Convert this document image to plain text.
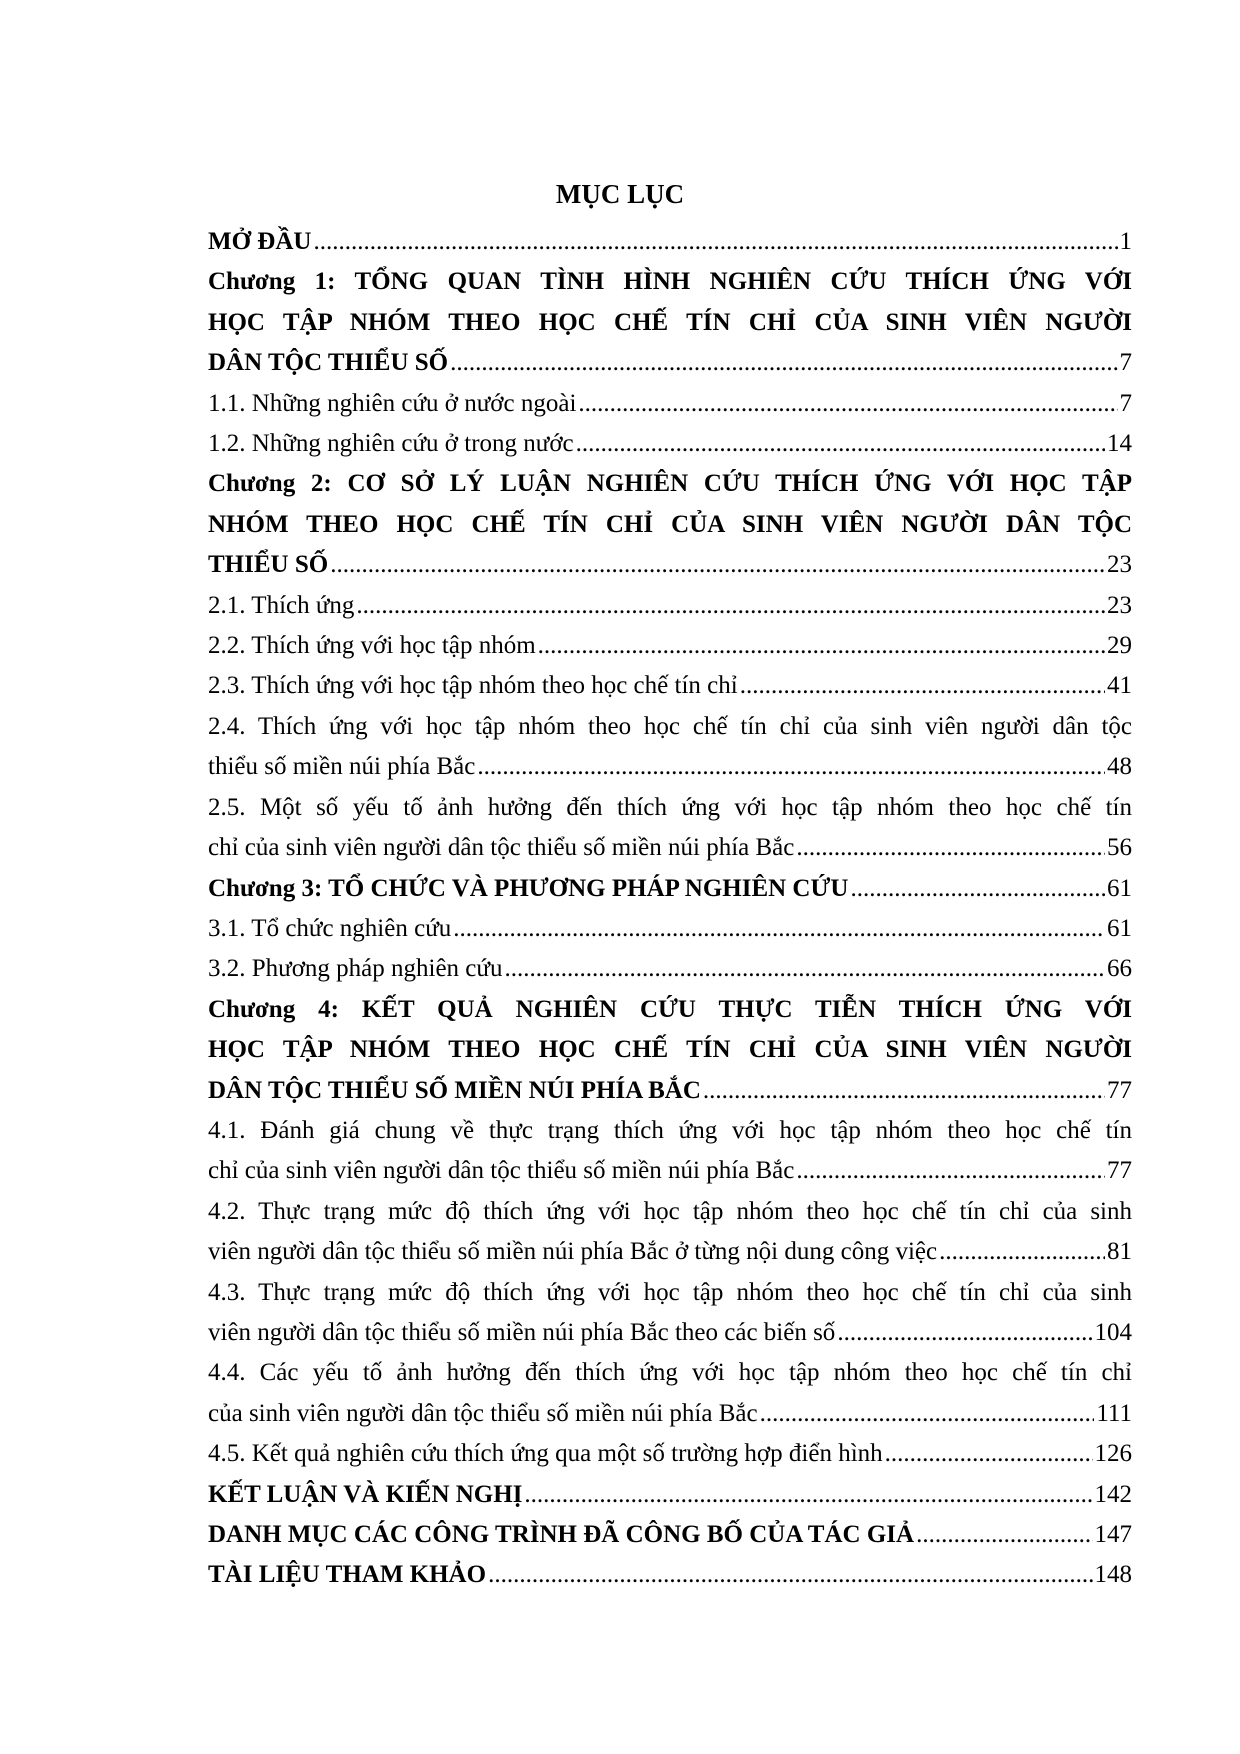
MỤC LỤC
MỞ ĐẦU .....	1
Chương 1: TỔNG QUAN TÌNH HÌNH NGHIÊN CỨU THÍCH ỨNG VỚI
HỌC TẬP NHÓM THEO HỌC CHẾ TÍN CHỈ CỦA SINH VIÊN NGƯỜI
DÂN TỘC THIỂU SỐ .....	7
1.1. Những nghiên cứu ở nước ngoài .....	7
1.2. Những nghiên cứu ở trong nước .....	14
Chương 2: CƠ SỞ LÝ LUẬN NGHIÊN CỨU THÍCH ỨNG VỚI HỌC TẬP
NHÓM THEO HỌC CHẾ TÍN CHỈ CỦA SINH VIÊN NGƯỜI DÂN TỘC
THIỂU SỐ .....	23
2.1. Thích ứng .....	23
2.2. Thích ứng với học tập nhóm .....	29
2.3. Thích ứng với học tập nhóm theo học chế tín chỉ .....	41
2.4. Thích ứng với học tập nhóm theo học chế tín chỉ của sinh viên người dân tộc
thiểu số miền núi phía Bắc .....	48
2.5. Một số yếu tố ảnh hưởng đến thích ứng với học tập nhóm theo học chế tín
chỉ của sinh viên người dân tộc thiểu số miền núi phía Bắc .....	56
Chương 3: TỔ CHỨC VÀ PHƯƠNG PHÁP NGHIÊN CỨU .....	61
3.1. Tổ chức nghiên cứu .....	61
3.2. Phương pháp nghiên cứu .....	66
Chương 4: KẾT QUẢ NGHIÊN CỨU THỰC TIỄN THÍCH ỨNG VỚI
HỌC TẬP NHÓM THEO HỌC CHẾ TÍN CHỈ CỦA SINH VIÊN NGƯỜI
DÂN TỘC THIỂU SỐ MIỀN NÚI PHÍA BẮC .....	77
4.1. Đánh giá chung về thực trạng thích ứng với học tập nhóm theo học chế tín
chỉ của sinh viên người dân tộc thiểu số miền núi phía Bắc .....	77
4.2. Thực trạng mức độ thích ứng với học tập nhóm theo học chế tín chỉ của sinh
viên người dân tộc thiểu số miền núi phía Bắc ở từng nội dung công việc .....	81
4.3. Thực trạng mức độ thích ứng với học tập nhóm theo học chế tín chỉ của sinh
viên người dân tộc thiểu số miền núi phía Bắc theo các biến số .....	104
4.4. Các yếu tố ảnh hưởng đến thích ứng với học tập nhóm theo học chế tín chỉ
của sinh viên người dân tộc thiểu số miền núi phía Bắc .....	111
4.5. Kết quả nghiên cứu thích ứng qua một số trường hợp điển hình .....	126
KẾT LUẬN VÀ KIẾN NGHỊ .....	142
DANH MỤC CÁC CÔNG TRÌNH ĐÃ CÔNG BỐ CỦA TÁC GIẢ .....	147
TÀI LIỆU THAM KHẢO .....	148
